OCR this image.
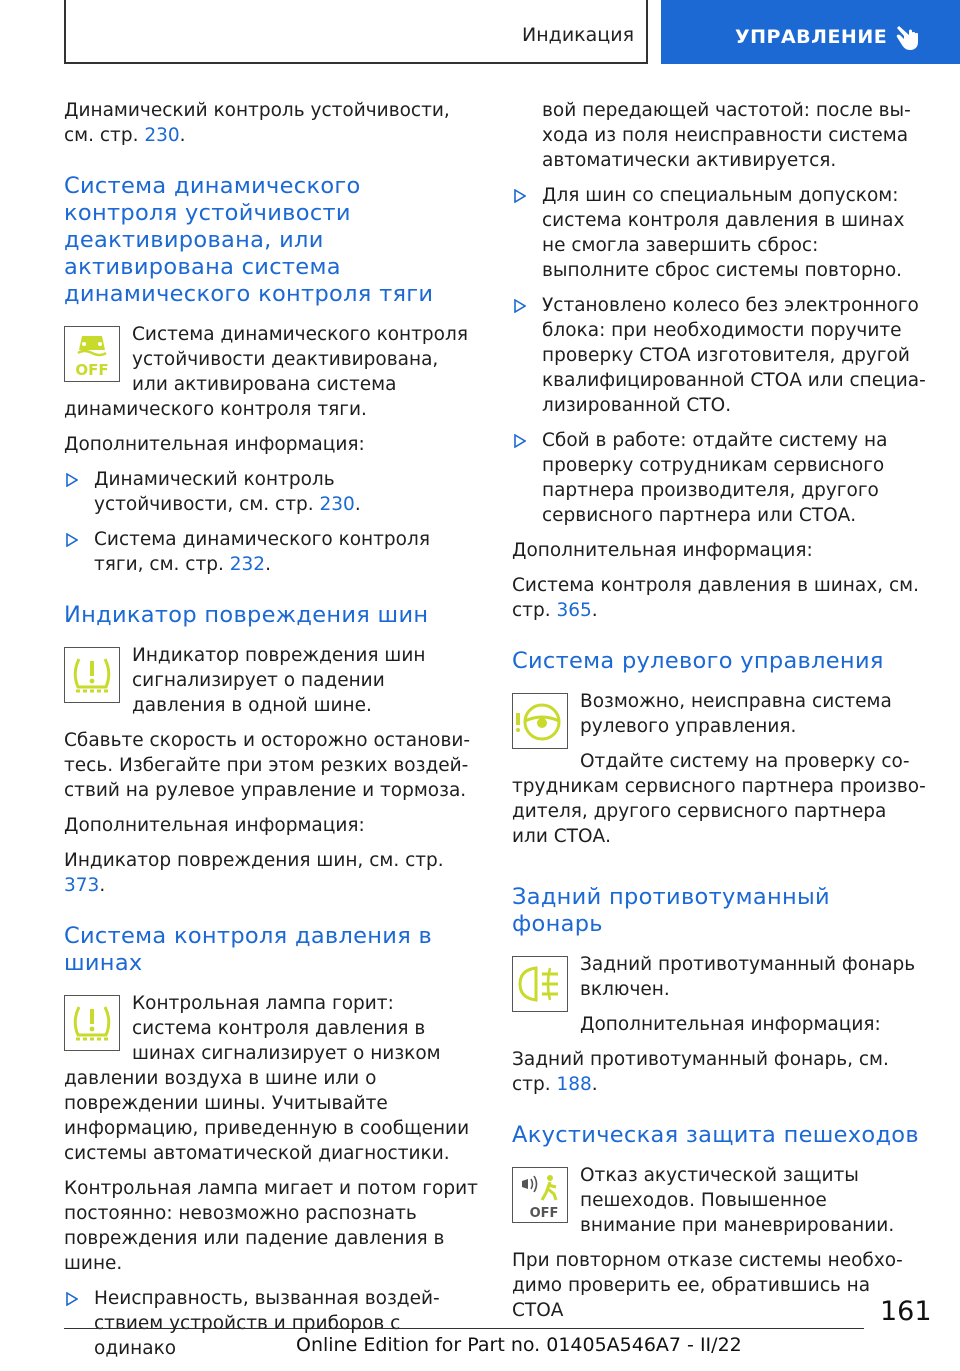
Индикация	УПРАВЛЕНИЕ

Динамический контроль устойчивости, см. стр. 230.

Система динамического контроля устойчивости деактивирована, или активирована система динамического контроля тяги
OFF

Система динамического контроля устойчивости деактивирована, или активирована система динамического контроля тяги.

Дополнительная информация:

Динамический контроль устойчивости, см. стр. 230.
Система динамического контроля тяги, см. стр. 232.
Индикатор повреждения шин

Индикатор повреждения шин сигнализирует о падении давления в одной шине.

Сбавьте скорость и осторожно остановитесь. Избегайте при этом резких воздействий на рулевое управление и тормоза.

Дополнительная информация:

Индикатор повреждения шин, см. стр. 373.

Система контроля давления в шинах

Контрольная лампа горит: система контроля давления в шинах сигнализирует о низком давлении воздуха в шине или о повреждении шины. Учитывайте информацию, приведенную в сообщении системы автоматической диагностики.

Контрольная лампа мигает и потом горит постоянно: невозможно распознать повреждения или падение давления в шине.

Неисправность, вызванная воздействием устройств и приборов с одинако
вой передающей частотой: после выхода из поля неисправности система автоматически активируется.
Для шин со специальным допуском: система контроля давления в шинах не смогла завершить сброс: выполните сброс системы повторно.
Установлено колесо без электронного блока: при необходимости поручите проверку СТОА изготовителя, другой квалифицированной СТОА или специализированной СТО.
Сбой в работе: отдайте систему на проверку сотрудникам сервисного партнера производителя, другого сервисного партнера или СТОА.

Дополнительная информация:

Система контроля давления в шинах, см. стр. 365.

Система рулевого управления

Возможно, неисправна система рулевого управления.

Отдайте систему на проверку сотрудникам сервисного партнера производителя, другого сервисного партнера или СТОА.

Задний противотуманный фонарь

Задний противотуманный фонарь включен.

Дополнительная информация:

Задний противотуманный фонарь, см. стр. 188.

Акустическая защита пешеходов
OFF

Отказ акустической защиты пешеходов. Повышенное внимание при маневрировании.

При повторном отказе системы необходимо проверить ее, обратившись на СТОА	161
Online Edition for Part no. 01405A546A7 - II/22
